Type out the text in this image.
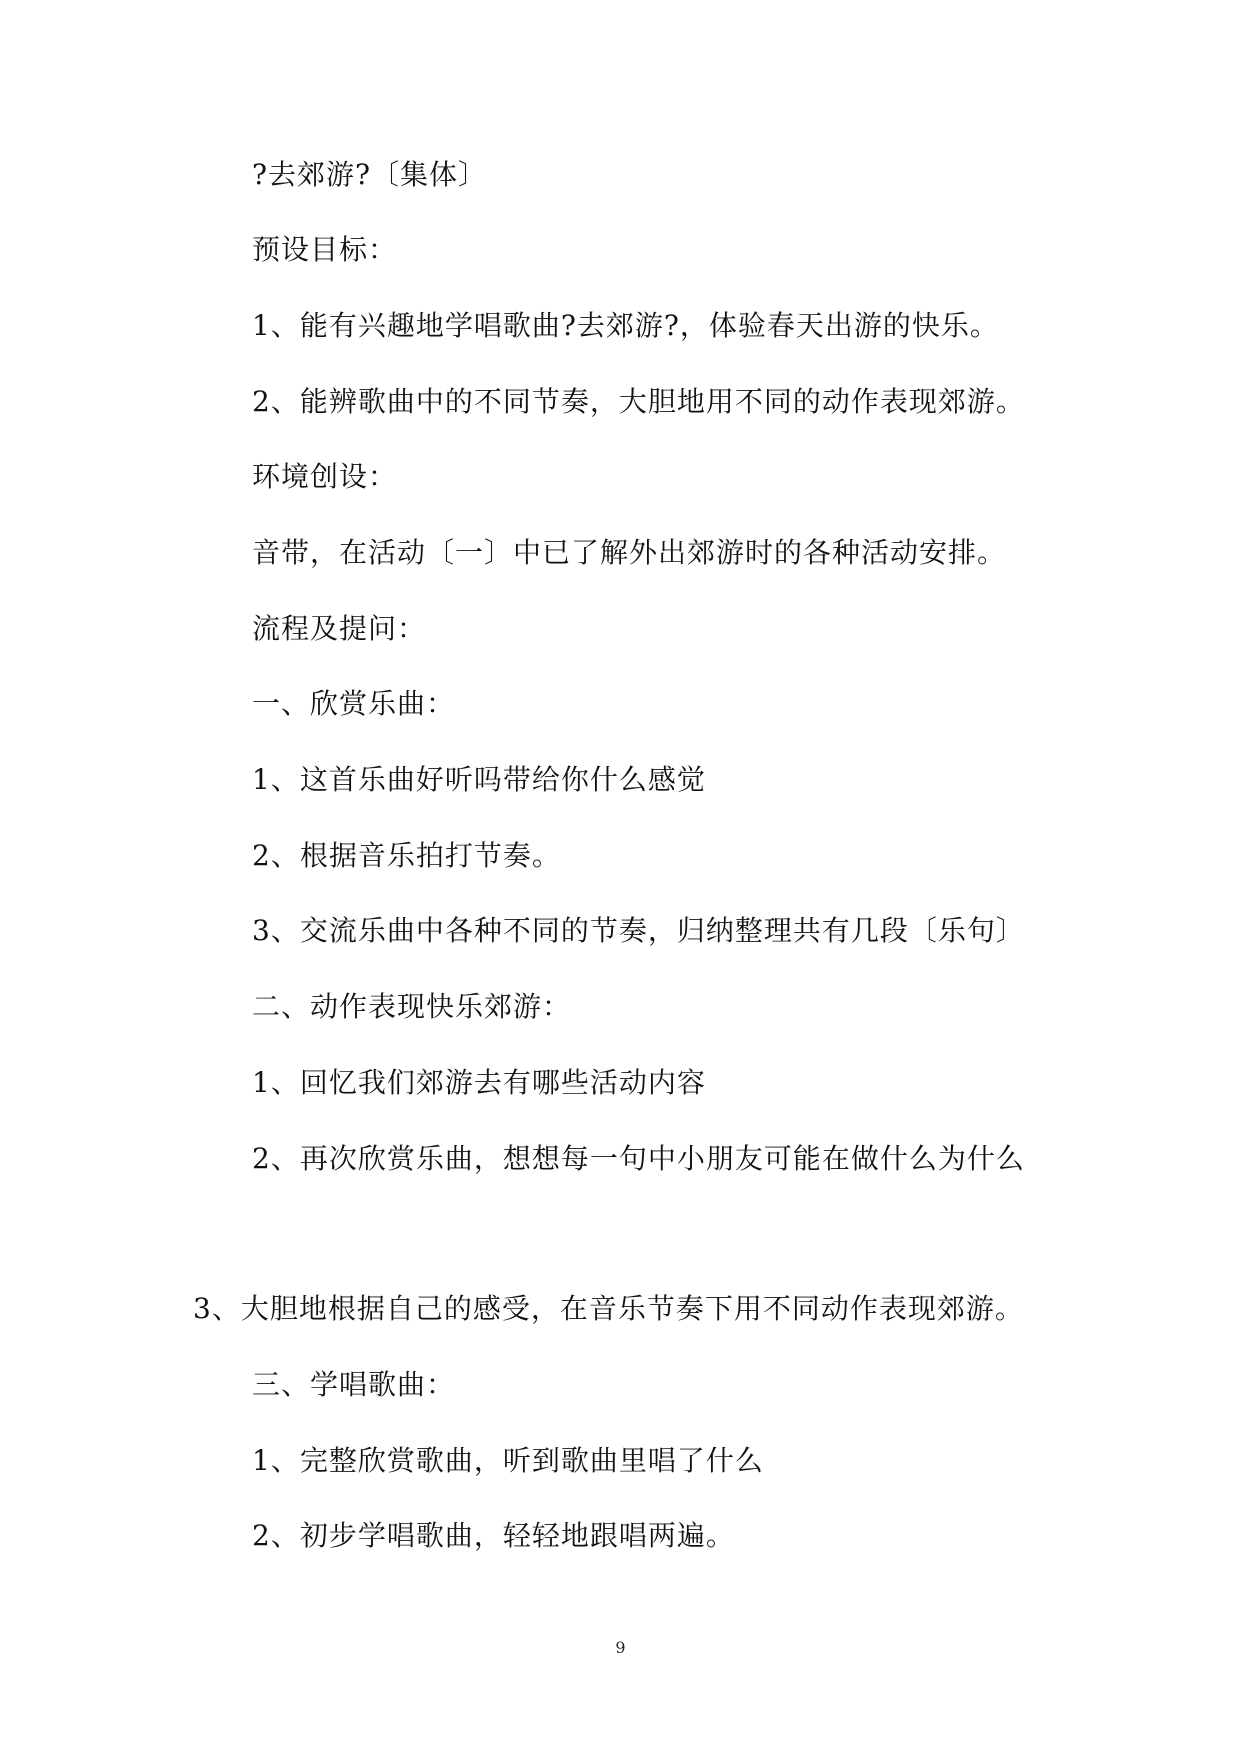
?去郊游?〔集体〕
预设目标：
1、能有兴趣地学唱歌曲?去郊游?，体验春天出游的快乐。
2、能辨歌曲中的不同节奏，大胆地用不同的动作表现郊游。
环境创设：
音带，在活动〔一〕中已了解外出郊游时的各种活动安排。
流程及提问：
一、欣赏乐曲：
1、这首乐曲好听吗带给你什么感觉
2、根据音乐拍打节奏。
3、交流乐曲中各种不同的节奏，归纳整理共有几段〔乐句〕
二、动作表现快乐郊游：
1、回忆我们郊游去有哪些活动内容
2、再次欣赏乐曲，想想每一句中小朋友可能在做什么为什么
3、大胆地根据自己的感受，在音乐节奏下用不同动作表现郊游。
三、学唱歌曲：
1、完整欣赏歌曲，听到歌曲里唱了什么
2、初步学唱歌曲，轻轻地跟唱两遍。
9
